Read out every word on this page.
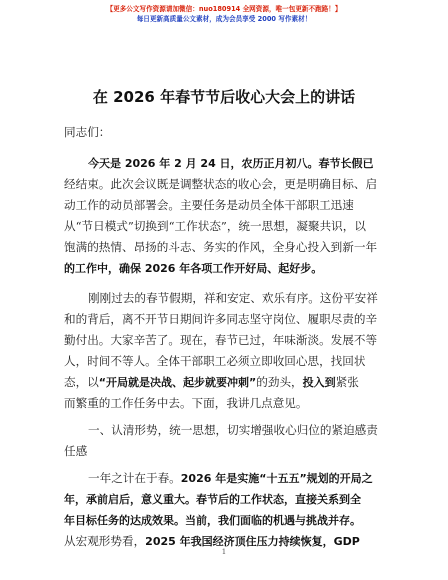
【更多公文写作资源请加微信：nuo180914 全网资源，唯一包更新不跑路！】
每日更新高质量公文素材，成为会员享受 2000 写作素材！
在 2026 年春节节后收心大会上的讲话
同志们：
今天是 2026 年 2 月 24 日，农历正月初八。春节长假已
经结束。此次会议既是调整状态的收心会，更是明确目标、启
动工作的动员部署会。主要任务是动员全体干部职工迅速
从“节日模式”切换到“工作状态”，统一思想，凝聚共识，以
饱满的热情、昂扬的斗志、务实的作风，全身心投入到新一年
的工作中，确保 2026 年各项工作开好局、起好步。
刚刚过去的春节假期，祥和安定、欢乐有序。这份平安祥
和的背后，离不开节日期间许多同志坚守岗位、履职尽责的辛
勤付出。大家辛苦了。现在，春节已过，年味渐淡。发展不等
人，时间不等人。全体干部职工必须立即收回心思，找回状
态，以“开局就是决战、起步就要冲刺”的劲头，投入到紧张
而繁重的工作任务中去。下面，我讲几点意见。
一、认清形势，统一思想，切实增强收心归位的紧迫感责
任感
一年之计在于春。2026 年是实施“十五五”规划的开局之
年，承前启后，意义重大。春节后的工作状态，直接关系到全
年目标任务的达成效果。当前，我们面临的机遇与挑战并存。
从宏观形势看，2025 年我国经济顶住压力持续恢复，GDP
1
